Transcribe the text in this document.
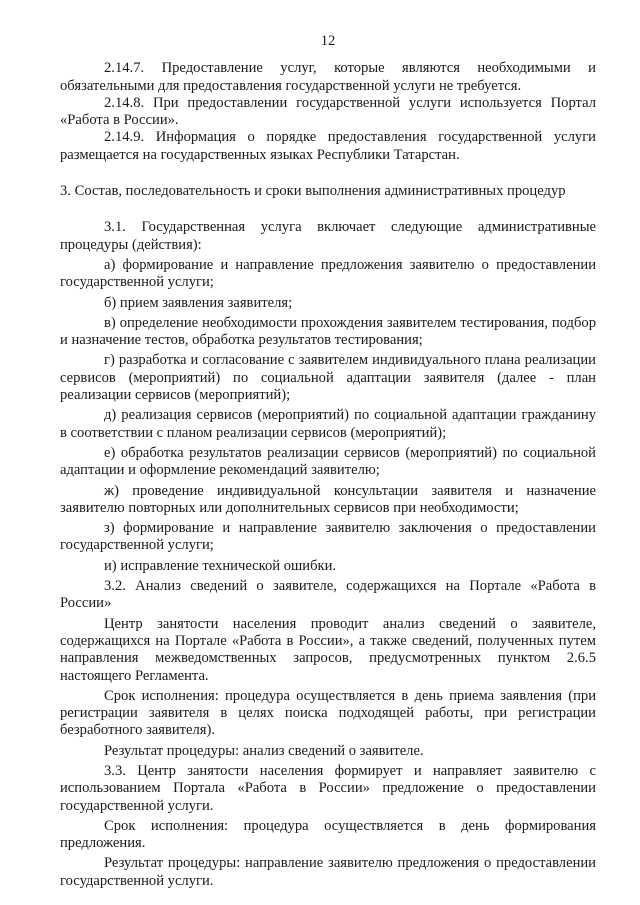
12

2.14.7. Предоставление услуг, которые являются необходимыми и обязательными для предоставления государственной услуги не требуется.

2.14.8. При предоставлении государственной услуги используется Портал «Работа в России».

2.14.9. Информация о порядке предоставления государственной услуги размещается на государственных языках Республики Татарстан.

3. Состав, последовательность и сроки выполнения административных процедур

3.1. Государственная услуга включает следующие административные процедуры (действия):

а) формирование и направление предложения заявителю о предоставлении государственной услуги;

б) прием заявления заявителя;

в) определение необходимости прохождения заявителем тестирования, подбор и назначение тестов, обработка результатов тестирования;

г) разработка и согласование с заявителем индивидуального плана реализации сервисов (мероприятий) по социальной адаптации заявителя (далее - план реализации сервисов (мероприятий);

д) реализация сервисов (мероприятий) по социальной адаптации гражданину в соответствии с планом реализации сервисов (мероприятий);

е) обработка результатов реализации сервисов (мероприятий) по социальной адаптации и оформление рекомендаций заявителю;

ж) проведение индивидуальной консультации заявителя и назначение заявителю повторных или дополнительных сервисов при необходимости;

з) формирование и направление заявителю заключения о предоставлении государственной услуги;

и) исправление технической ошибки.

3.2. Анализ сведений о заявителе, содержащихся на Портале «Работа в России»

Центр занятости населения проводит анализ сведений о заявителе, содержащихся на Портале «Работа в России», а также сведений, полученных путем направления межведомственных запросов, предусмотренных пунктом 2.6.5 настоящего Регламента.

Срок исполнения: процедура осуществляется в день приема заявления (при регистрации заявителя в целях поиска подходящей работы, при регистрации безработного заявителя).

Результат процедуры: анализ сведений о заявителе.

3.3. Центр занятости населения формирует и направляет заявителю с использованием Портала «Работа в России» предложение о предоставлении государственной услуги.

Срок исполнения: процедура осуществляется в день формирования предложения.

Результат процедуры: направление заявителю предложения о предоставлении государственной услуги.
